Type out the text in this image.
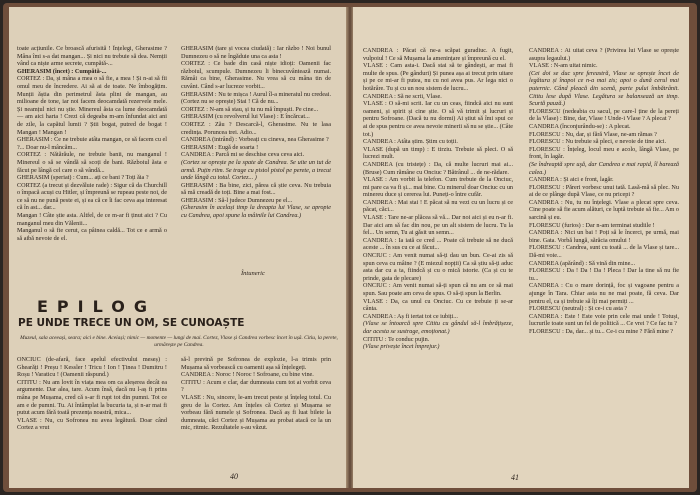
toate acțiunile. Ce broască afurisită ! Înțelegi, Gherasime ? Mâna îmi s-a dat mangan... Și nici nu trebuie să dea. Nemții vând ca niște arme secrete, cumpătă-...

GHERASIM (încet) : Cumpătă-...

CORTEZ : Da, și mâna a mea o să fie, a mea ! Și n-ai să fii omul meu de încredere. Ai să ai de toate. Ne îmbogățim. Munții ăștia din perimetrul ăsta plini de mangan, au milioane de tone, iar noi facem deocamdată rezervele mele. Și neamțul nici nu știe. Minereul ăsta ca lume deocamdată — am aici harta ! Crezi că degeaba m-am înfundat aici ani de zile, la capătul lumii ? Știi bogat, putred de bogat ! Mangan ! Mangan !

GHERASIM : Ce ne trebuie atâta mangan, ce să facem cu el ?... Doar nu-l mâncăm...

CORTEZ : Nătărăule, ne trebuie banii, nu manganul ! Minereul o să se vândă să scoți de bani. Războiul ăsta e făcut pe lângă cel care o să vândă...

GHERASIM (speriat) : Cum... ați ce bani ? Toți ăia ?

CORTEZ (a trecut și dezvăluie rade) : Sigur că da Churchill o împacă acuși cu Hitler, și împreună se rupeau peste noi, de ce să nu ne pună peste ei, și ea că ce îi fac ceva așa interesat că în ast... dar...

Mangan ! Câte știe asta. Altfel, de ce m-ar fi ținut aici ? Cu manganul meu din Vălenii...

Manganul o să fie cerut, ca pâinea caldă... Tot ce e armă o să aibă nevoie de el.

GHERASIM (tare și vocea ciudată) : Iar războ ! Noi bunul Dumnezeu o să ne îngăduie una ca asta !

CORTEZ : Ce bade din casă niște idioți: Oamenii fac războiul, scumpule. Dumnezeu li binecuvântează numai. Rămâi ca bine, Gherasime. Nu vrea să cu mâna tin de cuvânt. Când s-ar lucreze vorbit...

GHERASIM : Nu te mișca ! Aurul îl-a mineraiul nu credeai. (Cortez nu se oprește) Stai ! Că de nu...

CORTEZ : N-am să stau, și tu nu mă împuști. Pe cine...

GHERASIM (cu revolverul lui Vlase) : E încărcat...

CORTEZ : Zău ? Descarcă-l, Gherasime. Nu te lasa credința. Poruncea trei. Adio...

CANDREA (intrând) : Vorbeați cu cineva, nea Gherasime ?

GHERASIM : Eugă de soarta !

CANDREA : Parcă mi se deschise ceva ceva aici.

(Cortez se oprește pe la spate de Candrea. Se uite un tut de armă. Puțin ritm. Se trage cu pistol pistol pe perete, a trecut unde lângă cu totul. Cortez... )

GHERASIM : Ba bine, zici, părea că știe ceva. Nu trebuia să mă creadă de toți. Bine a mai fost...

GHERASIM : Să-l judece Dumnezeu pe el...

(Gherasim în același timp la dreapta lui Vlase, se apropie cu Candrea, apoi spune la mâinile lui Candrea.)

Întuneric
EPILOG
PE UNDE TRECE UN OM, SE CUNOAȘTE
Muzeul, sala aceeași, seara; aici e bine. Aceiași; nimic — momente — lungi de mai. Cortez, Vlase și Candrea vorbesc încet în ușă. Citiu, la perete, urmărește pe Candrea.

ONCIUC (de-afară, face apelul efectivului meseș) : Ghearăți ! Preșu ! Kessler ! Tricu ! Ion ! Ținea ! Dumitru ! Roșu ! Varaticu ! (Oamenii răspund.)

CITITU : Nu am lovit în viața mea om ca aleșerea decât ea argumente. Dar alea, tare. Acum însă, dacă nu l-aș fi prins mâna pe Mușama, cred că s-ar fi rupt tot din pumni. Tot ce am e de pumni. Tu. Ai întâmplat la bucuria ta, și n-ar mai fi putut acum fără toată prezența noastră, mica...

VLASE : Nu, cu Sofronea nu avea legătură. Doar când Cortez a vrut

să-l prevină pe Sofronea de explozie, l-a trimis prin Mușama să vorbească cu oamenii așa să înțelegeți.

CANDREA : Noroc ! Noroc ! Sofroane, cu bine vine.

CITITU : Acum e clar, dar dumneata cum tot ai vorbit ceva ?

VLASE : Nu, sincere, le-am trecut peste și înțeleg totul. Cu greu de la Cortez. Am înțeles că Cortez și Mușama se vorbeau fără numele și Sofronea. Dacă aș fi luat bilete la dumneata, căci Cortez și Mușama au probat atacă ce la un mic, ritmic. Rezultatele s-au văzut.

40

CANDREA : Păcat că ne-a scăpat guradiuc. A fugit, vulpoiul ! Ce să Mușama la amenințare și împreună cu el.

VLASE : Cam asta-i. Dacă stai să te gândești, ar mai fi multe de spus. (Pe gânduri) Și punea așa ai trecut prin uitare și pe ce mi-ar fi putea, nu cu noi avea pus. Ar lega nici o hotărâre. Tu și cu un nou sistem de lucru...

CANDREA : Să ne scrii, Vlase.

VLASE : O să-mi scrii. Iar cu un ceas, fiindcă aici nu sunt oameni, și spirit și cine știe. O să vă trimit și lucruri și pentru Sofroane. (Dacă tu nu dormi) Ai știut să îmi spui ce ai de spus pentru ce avea nevoie minerii să nu se știe... (Câte tot.)

CANDREA : Atâta știm. Știm cu toții.

VLASE (după un timp) : E tirziu. Trebuie să pleci. O să lucrezi mult.

CANDREA (cu tristețe) : Da, că multe lucruri mai ai... (Bruse) Cum rămâne cu Onciuc ? Bătrânul ... de ne-rădare.

VLASE : Am vorbit la telefon. Cum trebuie de la Onciuc, mi pare ca va fi și... mai bine. Cu minerul doar Onciuc cu un minereu duce și cererea lui. Puneți-o între cufăr.

CANDREA : Mai stai ! E păcat să nu vezi cu un lucru și ce păcat, căci...

VLASE : Tare ne-ar plăcea să vă... Dar noi aici și eu n-ar fi. Dar aici am să fac din nou, pe un alt sistem de lucru. Tu la fel... Un semn, Tu ai găsit un semn...

CANDREA : Ia iată ce cred ... Poate că trebuie să ne ducă aceste ... în sus cu ce ai făcut...

ONCIUC : Am venit numai să-ți dau un bun. Ce-ai zis să spun ceva cu mâine ? (E miezul nopții) Ca să știu să-ți aduc asta dar cu a ta, fiindcă și cu o mică istorie. (Ca și cu te prinde, gata de plecare)

ONCIUC : Am venit numai să-ți spun că nu am ce să mai spun. Sau poate am ceva de spus. O să-ți spun la Berlin.

VLASE : Da, ca unul cu Onciuc. Cu ce trebuie ți se-ar cânta.

CANDREA : Aș fi iertat tot ce iubiți...

(Vlase se întoarcă spre Cititu cu gândul să-l îmbrățișeze, dar acesta se sustrage, emoționat.)

CITITU : Te conduc pujin.

(Vlase privește încet împrejur.)

CANDREA : Ai uitat ceva ? (Privirea lui Vlase se oprește asupra legaului.)

VLASE : N-am uitat nimic.

(Cei doi se duc spre fereastră, Vlase se oprește încet de legătura și înapoi ce n-a mai zis; apoi o dună cerul mai puternic. Când pleacă din scenă, parte pului îmbătrânit. Cititu lese după Vlase. Legătura se balansează un timp. Scurtă pauză.)

FLORESCU (nedeabia cu sacul, pe care-l ține de la pereți de la Vlase) : Bine, dar, Vlase ! Unde-i Vlase ? A plecat ?

CANDREA (înconjurându-se) : A plecat.

FLORESCU : Nu, dar, și fără Vlase, ne-am rămas ?

FLORESCU : Nu trebuie să pleci, e nevoie de tine aici.

FLORESCU : Înțeleg, locul meu e acolo, lângă Vlase, pe front, în lagăr.

(Se îndreaptă spre uşă, dar Candrea e mai rapid, îl barează calea.)

CANDREA : Și aici e front, lagăr.

FLORESCU : Păreri vorbesc unui tată. Lasă-mă să plec. Nu ai de ce plânge după Vlase, ce nu pricepi ?

CANDREA : Nu, tu nu înțelegi. Vlase a plecat spre ceva. Cine poate să fie acum alături, ce luptă trebuie să fie... Am o sarcină și eu.

FLORESCU (furios) : Dar n-am terminat studiile !

CANDREA : Nici un bai ! Poți să le încerci, pe urmă, mai bine. Gata. Vorbă lungă, sărăcia omului !

FLORESCU : Candrea, sunt cu toată ... de la Vlase și tare... Dă-mi voie...

CANDREA (apărând) : Să vină din mine...

FLORESCU : Da ! Da ! Da ! Pleca ! Dar la tine să nu fie tu...

CANDREA : Cu o mare dorință, foc și vagoane pentru a ajunge în Tara. Chiar asta nu ne mai poate, fă ceva. Dar pentru el, ca și trebuie să îți mai permiți ...

FLORESCU (neutral) : Și ce-i cu asta ?

CANDREA : Este ! Este voie prin cele mai unde ! Totuși, lucrurile toate sunt un fel de politică ... Ce vrei ? Ce fac tu ?

FLORESCU : Da, dar... și tu... Ce-i cu mine ? Fără mine ?

41
